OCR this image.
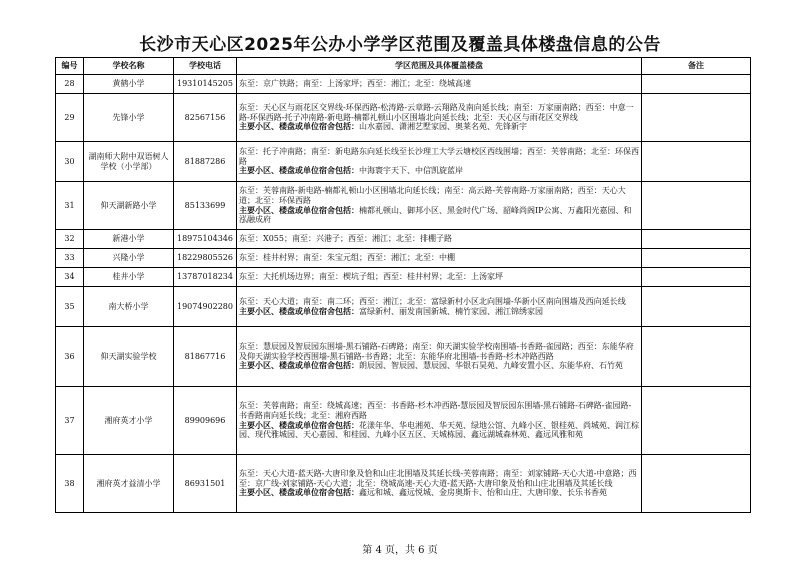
长沙市天心区2025年公办小学学区范围及覆盖具体楼盘信息的公告
编号	学校名称	学校电话	学区范围及具体覆盖楼盘	备注
28	黄鹤小学	19310145205	东至：京广铁路；南至：上汤家坪；西至：湘江；北至：绕城高速	

29	先锋小学	82567156	东至：天心区与雨花区交界线-环保西路-松涛路-云章路-云翔路及南向延长线；南至：万家丽南路；西至：中意一路-环保西路-托子冲南路-新电路-楠都礼顿山小区围墙北向延长线；北至：天心区与雨花区交界线
主要小区、楼盘或单位宿舍包括：山水嘉园、潇湘艺墅家园、奥莱名苑、先锋新宇	
30	湖南师大附中双语树人学校（小学部）	81887286	东至：托子冲南路；南至：新电路东向延长线至长沙理工大学云塘校区西线围墙；西至：芙蓉南路；北至：环保西路
主要小区、楼盘或单位宿舍包括：中海寰宇天下、中信凯旋蓝岸	
31	仰天湖新路小学	85133699	东至：芙蓉南路-新电路-楠都礼顿山小区围墙北向延长线；南至：高云路-芙蓉南路-万家丽南路；西至：天心大道；北至：环保西路
主要小区、楼盘或单位宿舍包括：楠都礼顿山、御邦小区、黑金时代广场、韶峰尚阁IP公寓、万鑫阳光嘉园、和泓融成府	
32	新港小学	18975104346	东至：X055；南至：兴港子；西至：湘江；北至：排棚子路	

33	兴隆小学	18229805526	东至：桂井村界；南至：朱宝元组；西至：湘江；北至：中棚	

34	桂井小学	13787018234	东至：大托机场边界；南至：楔坑子组；西至：桂井村界；北至：上汤家坪	

35	南大桥小学	19074902280	东至：天心大道；南至：南二环；西至：湘江；北至：富绿新村小区北向围墙-华新小区南向围墙及西向延长线
主要小区、楼盘或单位宿舍包括：富绿新村、丽发南国新城、楠竹家园、湘江锦绣家园	
36	仰天湖实验学校	81867716	东至：慧辰园及智辰园东围墙-黑石铺路-石碑路；南至：仰天湖实验学校南围墙-书香路-雀园路；西至：东能华府及仰天湖实验学校西围墙-黑石铺路-书香路；北至：东能华府北围墙-书香路-杉木冲路西路
主要小区、楼盘或单位宿舍包括：朗辰园、智辰园、慧辰园、华银石昊苑、九峰安置小区、东能华府、石竹苑	
37	湘府英才小学	89909696	东至：芙蓉南路；南至：绕城高速；西至：书香路-杉木冲西路-慧辰园及智辰园东围墙-黑石铺路-石碑路-雀园路-书香路南向延长线；北至：湘府西路
主要小区、楼盘或单位宿舍包括：花漾年华、华电湘苑、华天苑、绿地公馆、九峰小区、银桂苑、尚城苑、润江棕园、现代雅城园、天心嘉园、和桂园、九峰小区五区、天城栋园、鑫远湖城森林苑、鑫远风雅和苑	
38	湘府英才益清小学	86931501	东至：天心大道-蓝天路-大唐印象及恰和山庄北围墙及其延长线-芙蓉南路；南至：刘家铺路-天心大道-中意路；西至：京广线-刘家铺路-天心大道；北至：绕城高速-天心大道-蓝天路-大唐印象及怡和山庄北围墙及其延长线
主要小区、楼盘或单位宿舍包括：鑫远和城、鑫远悦城、金房奥斯卡、怡和山庄、大唐印象、长乐书香苑	
第 4 页，共 6 页
